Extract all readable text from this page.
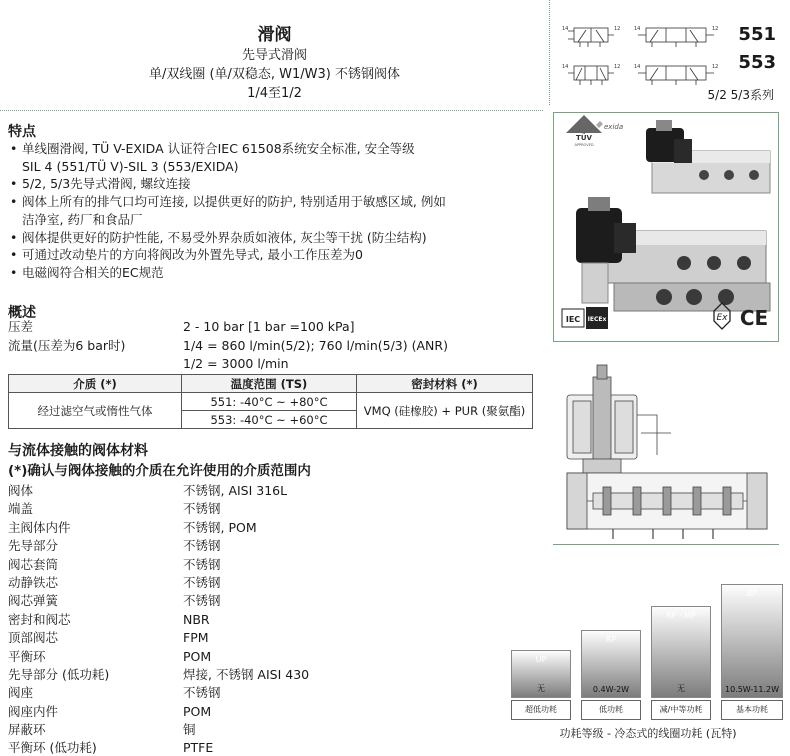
滑阀
先导式滑阀
单/双线圈 (单/双稳态, W1/W3) 不锈钢阀体
1/4至1/2
14	12	14	12
14	12	14	12
551
553
5/2 5/3系列
特点
• 单线圈滑阀, TÜ V-EXIDA 认证符合IEC 61508系统安全标准, 安全等级
SIL 4 (551/TÜ V)-SIL 3 (553/EXIDA)
• 5/2, 5/3先导式滑阀, 螺纹连接
• 阀体上所有的排气口均可连接, 以提供更好的防护, 特别适用于敏感区域, 例如
洁净室, 药厂和食品厂
• 阀体提供更好的防护性能, 不易受外界杂质如液体, 灰尘等干扰 (防尘结构)
• 可通过改动垫片的方向将阀改为外置先导式, 最小工作压差为0
• 电磁阀符合相关的EC规范
概述
压差	2 - 10 bar [1 bar =100 kPa]
流量(压差为6 bar时)	1/4 = 860 l/min(5/2); 760 l/min(5/3) (ANR)
1/2 = 3000 l/min
介质 (*)	温度范围 (TS)	密封材料 (*)
经过滤空气或惰性气体	551: -40°C ~ +80°C	VMQ (硅橡胶) + PUR (聚氨酯)
	553: -40°C ~ +60°C	
与流体接触的阀体材料
(*)确认与阀体接触的介质在允许使用的介质范围内
阀体	不锈钢, AISI 316L
端盖	不锈钢
主阀体内件	不锈钢, POM
先导部分	不锈钢
阀芯套筒	不锈钢
动静铁芯	不锈钢
阀芯弹簧	不锈钢
密封和阀芯	NBR
顶部阀芯	FPM
平衡环	POM
先导部分 (低功耗)	焊接, 不锈钢 AISI 430
阀座	不锈钢
阀座内件	POM
屏蔽环	铜
平衡环 (低功耗)	PTFE
TÜV
APPROVED
exida
IEC IECEx	Ex CE
UP
无
RP
0.4W-2W
RP - MP
无
BP
10.5W-11.2W
超低功耗	低功耗	减/中等功耗	基本功耗
功耗等级 - 冷态式的线圈功耗 (瓦特)
